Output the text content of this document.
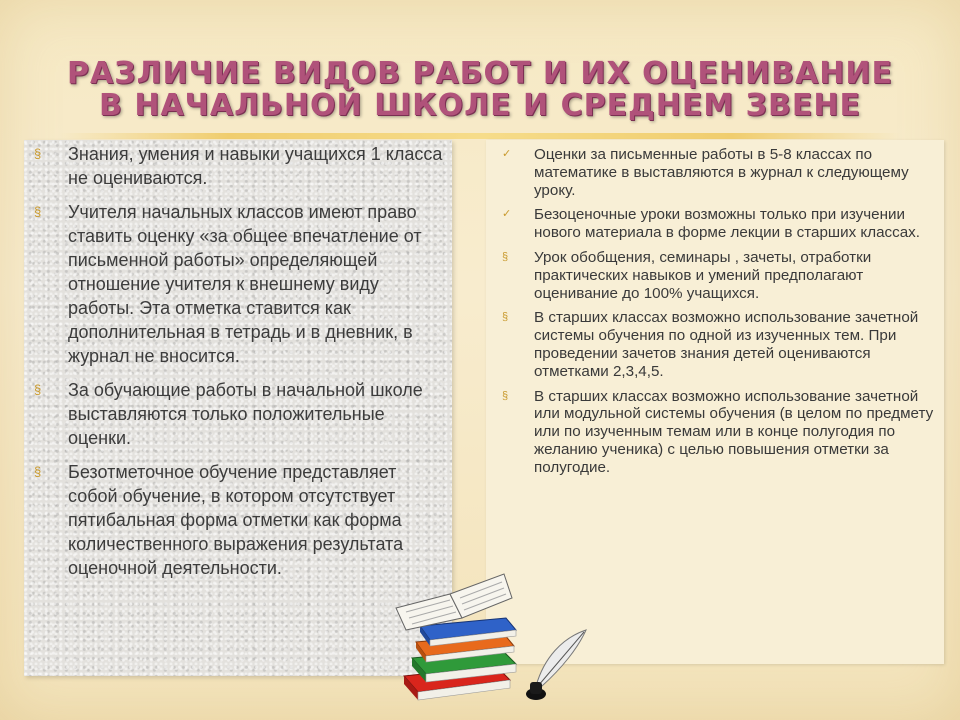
РАЗЛИЧИЕ ВИДОВ РАБОТ И ИХ ОЦЕНИВАНИЕ
В НАЧАЛЬНОЙ ШКОЛЕ И СРЕДНЕМ ЗВЕНЕ
§ Знания, умения и навыки учащихся 1 класса не оцениваются.
§ Учителя начальных классов имеют право ставить оценку «за общее впечатление от письменной работы» определяющей отношение учителя к внешнему виду работы. Эта отметка ставится как дополнительная в тетрадь и в дневник, в журнал не вносится.
§ За обучающие работы в начальной школе выставляются только положительные оценки.
§ Безотметочное обучение представляет собой обучение, в котором отсутствует пятибальная форма отметки как форма количественного выражения результата оценочной деятельности.
✓ Оценки за письменные работы в 5-8 классах по математике в выставляются в журнал к следующему уроку.
✓ Безоценочные уроки возможны только при изучении нового материала в форме лекции в старших классах.
§ Урок обобщения, семинары , зачеты, отработки практических навыков и умений предполагают оценивание до 100% учащихся.
§ В старших классах возможно использование зачетной системы обучения по одной из изученных тем. При проведении зачетов знания детей оцениваются отметками 2,3,4,5.
§ В старших классах возможно использование зачетной или модульной системы обучения (в целом по предмету или по изученным темам или в конце полугодия по желанию ученика) с целью повышения отметки за полугодие.
